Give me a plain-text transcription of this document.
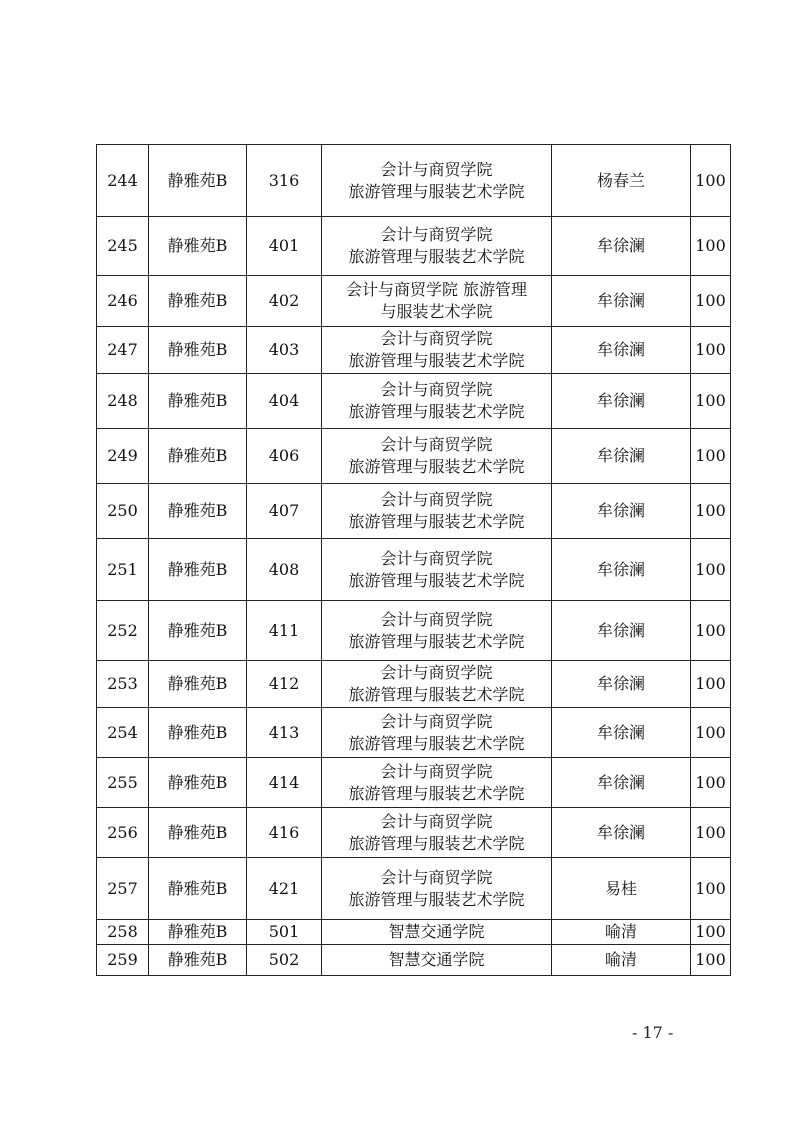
244	静雅苑B	316	会计与商贸学院
旅游管理与服装艺术学院	杨春兰	100
245	静雅苑B	401	会计与商贸学院
旅游管理与服装艺术学院	牟徐澜	100
246	静雅苑B	402	会计与商贸学院 旅游管理
与服装艺术学院	牟徐澜	100
247	静雅苑B	403	会计与商贸学院
旅游管理与服装艺术学院	牟徐澜	100
248	静雅苑B	404	会计与商贸学院
旅游管理与服装艺术学院	牟徐澜	100
249	静雅苑B	406	会计与商贸学院
旅游管理与服装艺术学院	牟徐澜	100
250	静雅苑B	407	会计与商贸学院
旅游管理与服装艺术学院	牟徐澜	100
251	静雅苑B	408	会计与商贸学院
旅游管理与服装艺术学院	牟徐澜	100
252	静雅苑B	411	会计与商贸学院
旅游管理与服装艺术学院	牟徐澜	100
253	静雅苑B	412	会计与商贸学院
旅游管理与服装艺术学院	牟徐澜	100
254	静雅苑B	413	会计与商贸学院
旅游管理与服装艺术学院	牟徐澜	100
255	静雅苑B	414	会计与商贸学院
旅游管理与服装艺术学院	牟徐澜	100
256	静雅苑B	416	会计与商贸学院
旅游管理与服装艺术学院	牟徐澜	100
257	静雅苑B	421	会计与商贸学院
旅游管理与服装艺术学院	易桂	100
258	静雅苑B	501	智慧交通学院	喻清	100
259	静雅苑B	502	智慧交通学院	喻清	100
- 17 -
